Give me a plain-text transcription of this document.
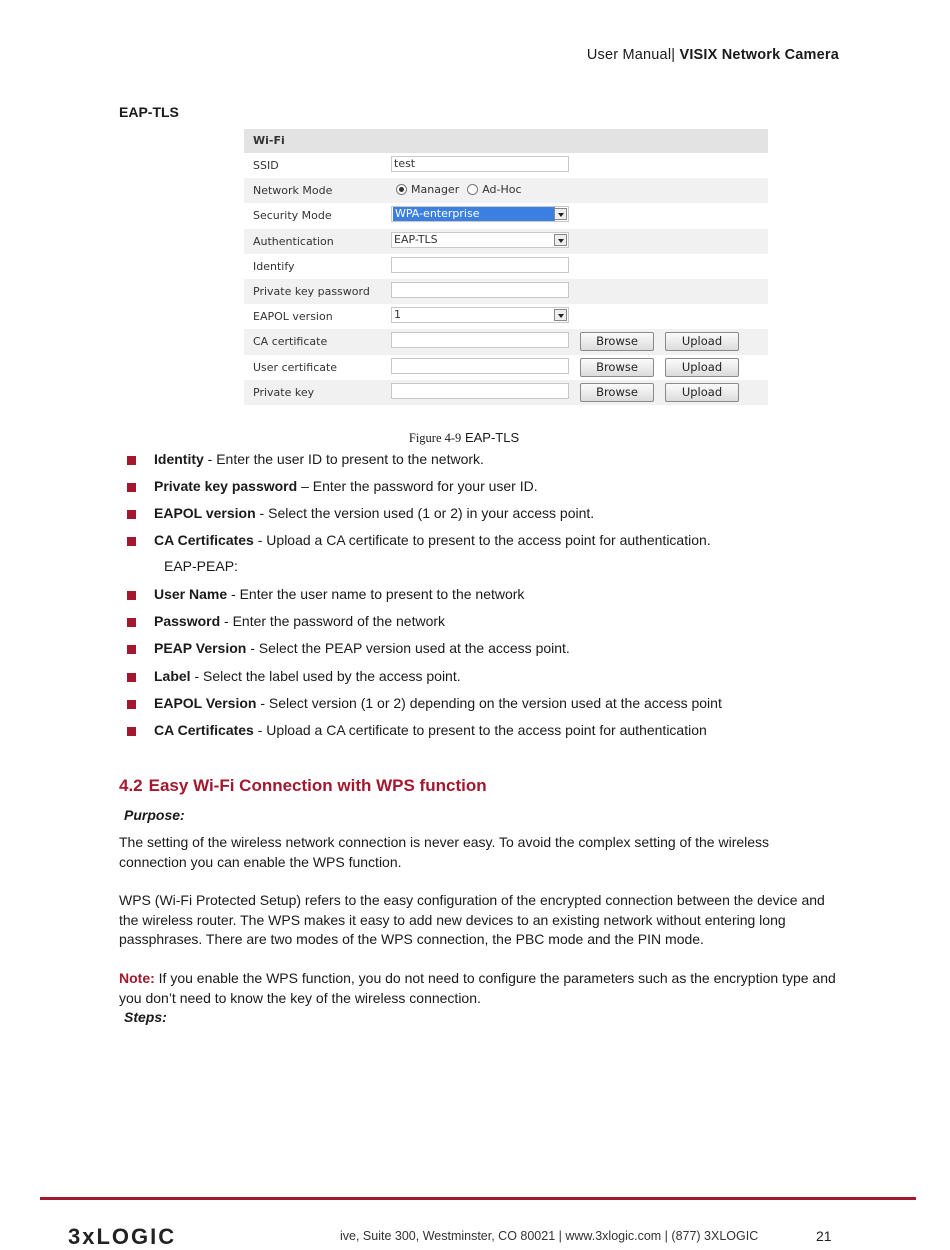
User Manual| VISIX Network Camera
EAP-TLS
Wi-Fi
SSID	test
Network Mode	Manager Ad-Hoc
Security Mode	WPA-enterprise
Authentication	EAP-TLS
Identify
Private key password
EAPOL version	1
CA certificate	Browse	Upload
User certificate	Browse	Upload
Private key	Browse	Upload
Figure 4-9 EAP-TLS
Identity - Enter the user ID to present to the network.
Private key password – Enter the password for your user ID.
EAPOL version - Select the version used (1 or 2) in your access point.
CA Certificates - Upload a CA certificate to present to the access point for authentication.
EAP-PEAP:
User Name - Enter the user name to present to the network
Password - Enter the password of the network
PEAP Version - Select the PEAP version used at the access point.
Label - Select the label used by the access point.
EAPOL Version - Select version (1 or 2) depending on the version used at the access point
CA Certificates - Upload a CA certificate to present to the access point for authentication
4.2 Easy Wi-Fi Connection with WPS function
Purpose:
The setting of the wireless network connection is never easy. To avoid the complex setting of the wireless connection you can enable the WPS function.
WPS (Wi-Fi Protected Setup) refers to the easy configuration of the encrypted connection between the device and the wireless router. The WPS makes it easy to add new devices to an existing network without entering long passphrases. There are two modes of the WPS connection, the PBC mode and the PIN mode.
Note: If you enable the WPS function, you do not need to configure the parameters such as the encryption type and you don’t need to know the key of the wireless connection.
Steps:
3xLOGIC	ive, Suite 300, Westminster, CO 80021 | www.3xlogic.com | (877) 3XLOGIC	21
